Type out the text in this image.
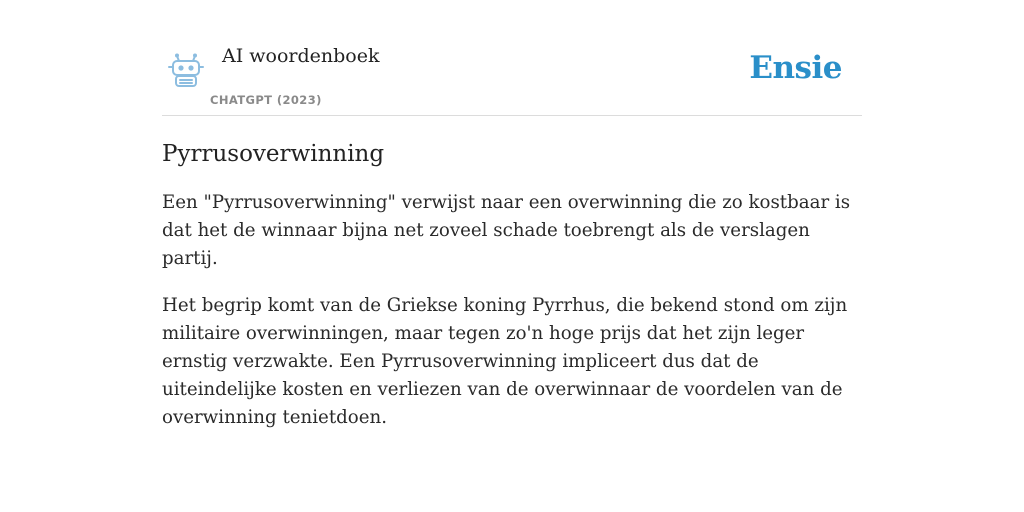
AI woordenboek
CHATGPT (2023)
Ensie
Pyrrusoverwinning

Een "Pyrrusoverwinning" verwijst naar een overwinning die zo kostbaar is dat het de winnaar bijna net zoveel schade toebrengt als de verslagen partij.

Het begrip komt van de Griekse koning Pyrrhus, die bekend stond om zijn militaire overwinningen, maar tegen zo'n hoge prijs dat het zijn leger ernstig verzwakte. Een Pyrrusoverwinning impliceert dus dat de uiteindelijke kosten en verliezen van de overwinnaar de voordelen van de overwinning tenietdoen.
